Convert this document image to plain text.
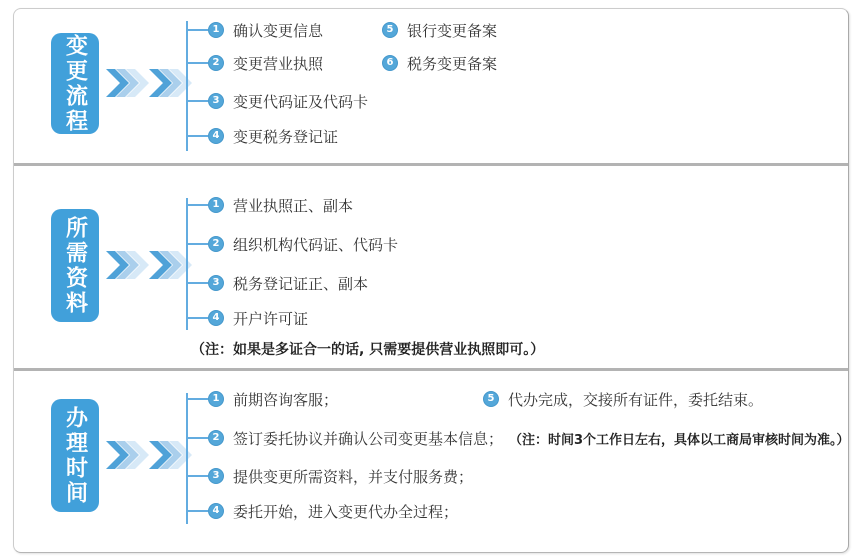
变更流程
1 确认变更信息
2 变更营业执照
3 变更代码证及代码卡
4 变更税务登记证
5 银行变更备案
6 税务变更备案
所需资料
1 营业执照正、副本
2 组织机构代码证、代码卡
3 税务登记证正、副本
4 开户许可证
（注：如果是多证合一的话, 只需要提供营业执照即可。）
办理时间
1 前期咨询客服；
2 签订委托协议并确认公司变更基本信息； （注：时间3个工作日左右，具体以工商局审核时间为准。）
3 提供变更所需资料，并支付服务费；
4 委托开始，进入变更代办全过程；
5 代办完成，交接所有证件，委托结束。
